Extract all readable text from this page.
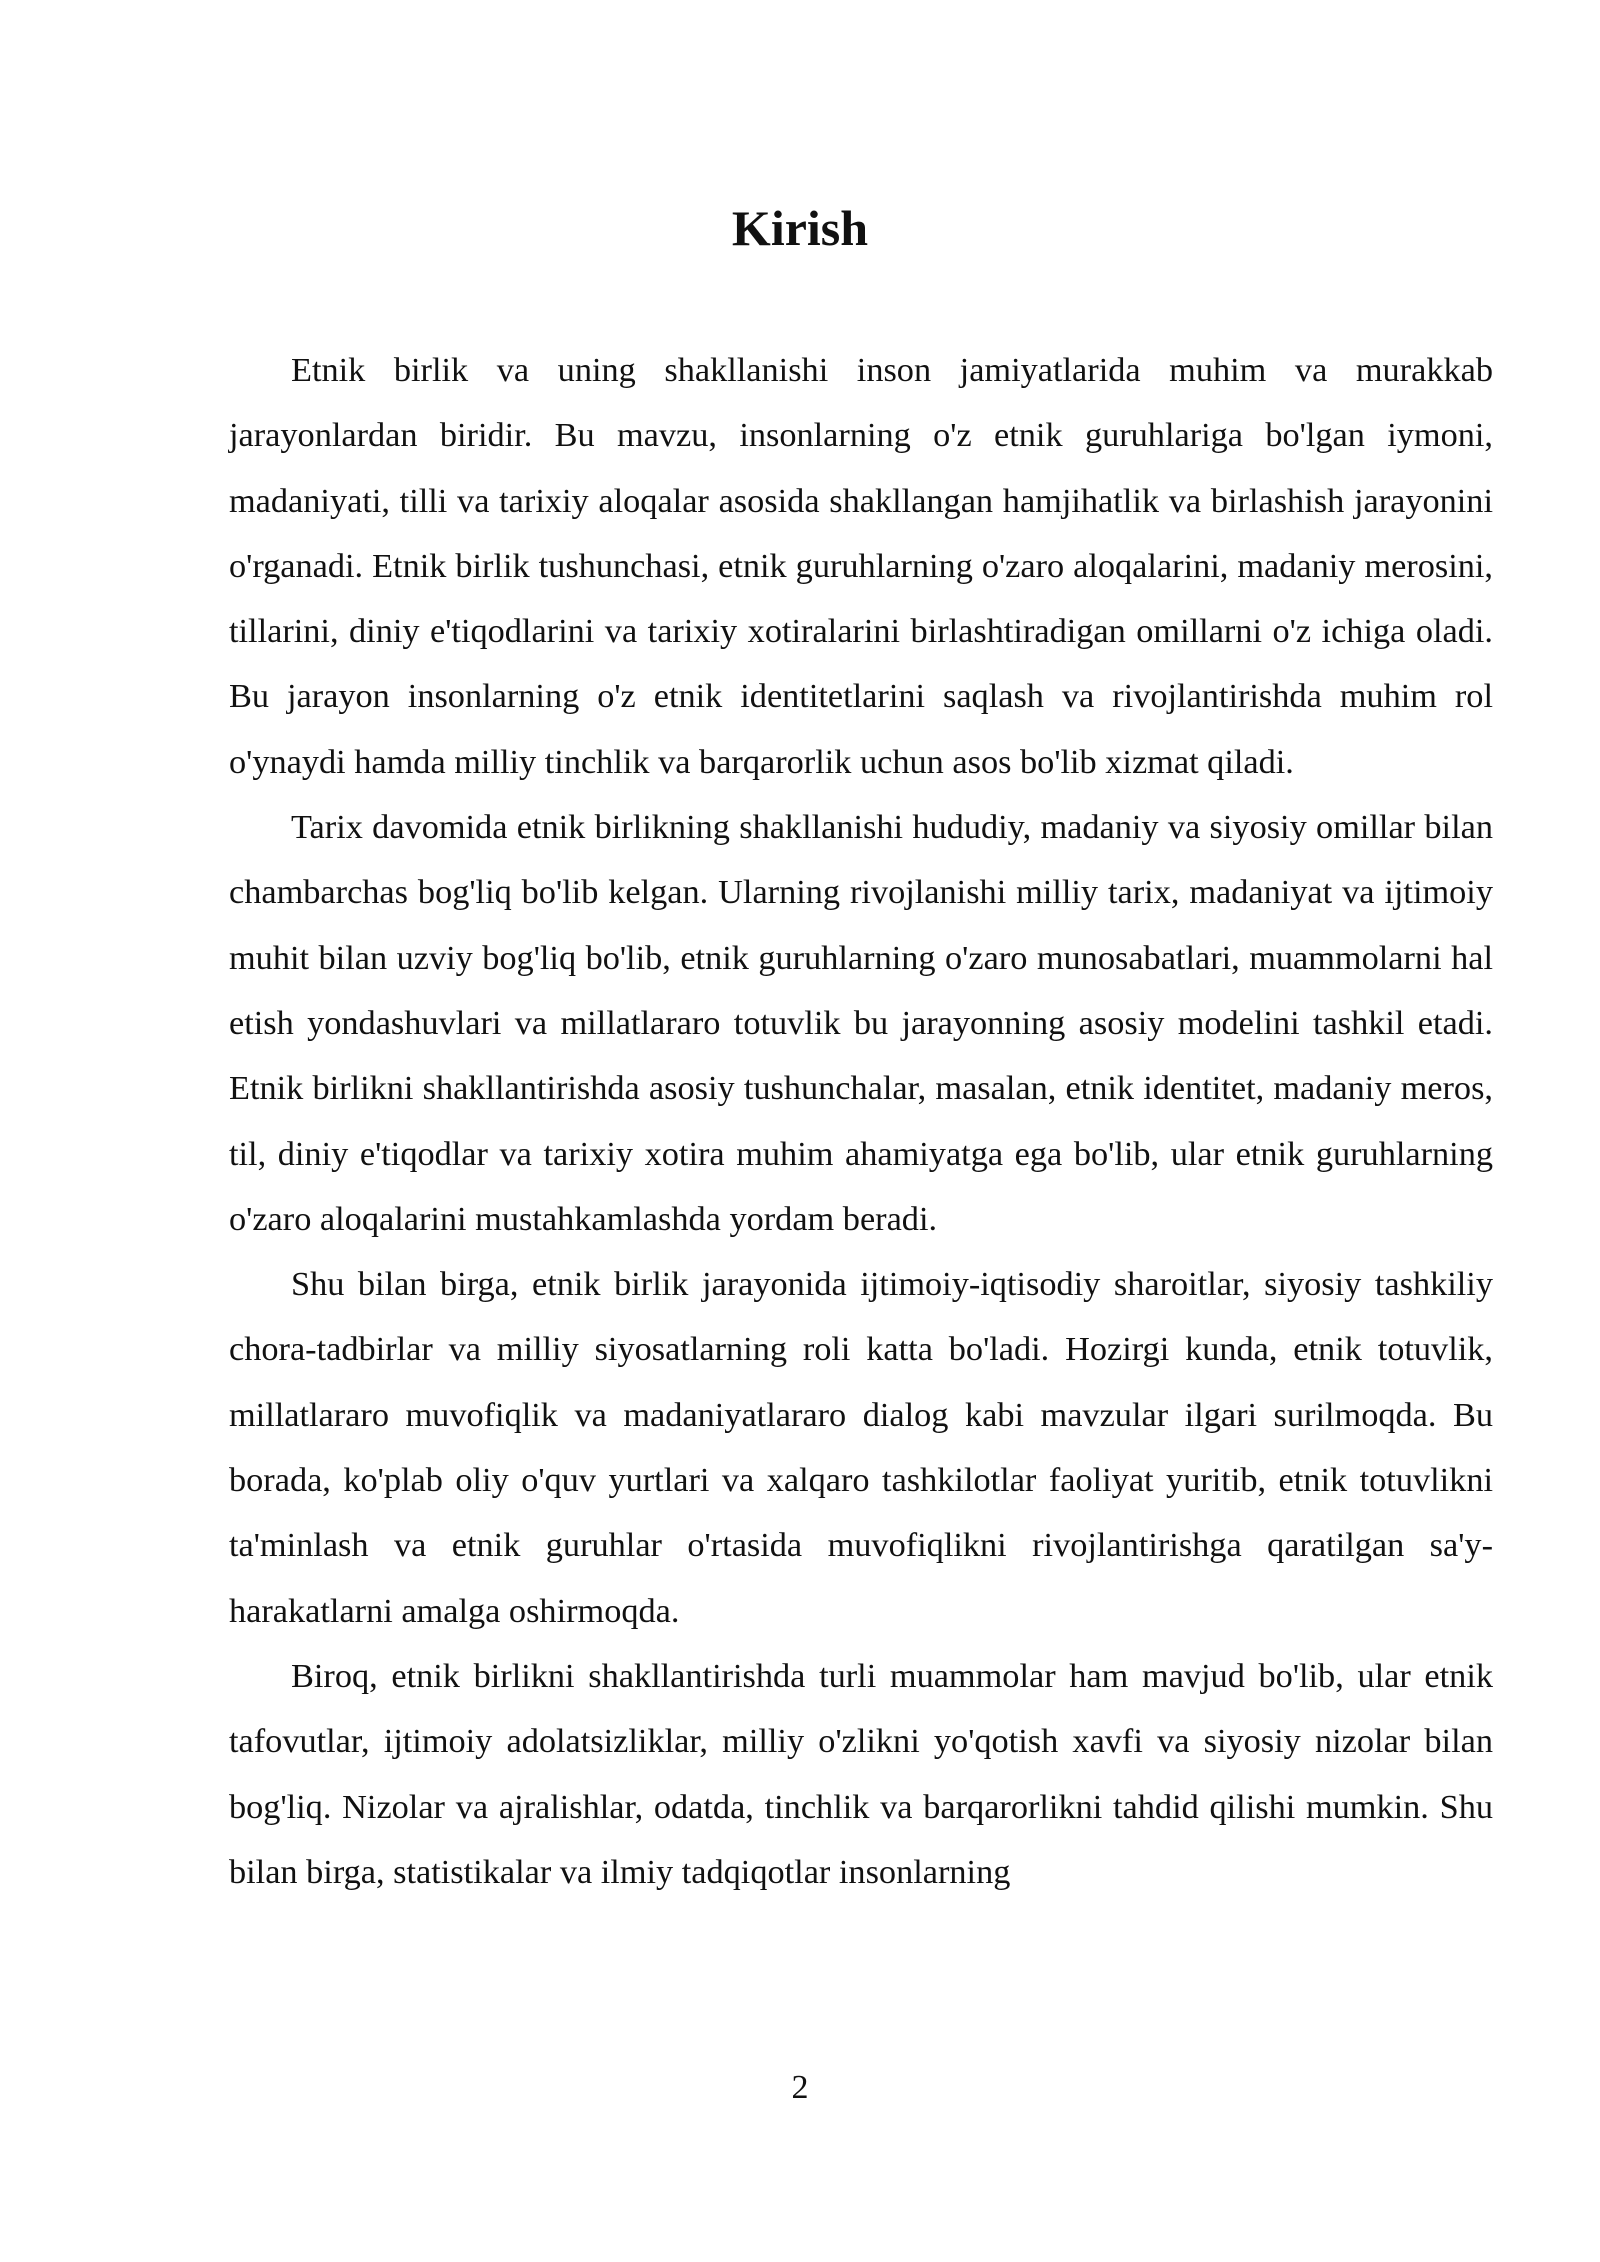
Kirish

Etnik birlik va uning shakllanishi inson jamiyatlarida muhim va murakkab jarayonlardan biridir. Bu mavzu, insonlarning o'z etnik guruhlariga bo'lgan iymoni, madaniyati, tilli va tarixiy aloqalar asosida shakllangan hamjihatlik va birlashish jarayonini o'rganadi. Etnik birlik tushunchasi, etnik guruhlarning o'zaro aloqalarini, madaniy merosini, tillarini, diniy e'tiqodlarini va tarixiy xotiralarini birlashtiradigan omillarni o'z ichiga oladi. Bu jarayon insonlarning o'z etnik identitetlarini saqlash va rivojlantirishda muhim rol o'ynaydi hamda milliy tinchlik va barqarorlik uchun asos bo'lib xizmat qiladi.

Tarix davomida etnik birlikning shakllanishi hududiy, madaniy va siyosiy omillar bilan chambarchas bog'liq bo'lib kelgan. Ularning rivojlanishi milliy tarix, madaniyat va ijtimoiy muhit bilan uzviy bog'liq bo'lib, etnik guruhlarning o'zaro munosabatlari, muammolarni hal etish yondashuvlari va millatlararo totuvlik bu jarayonning asosiy modelini tashkil etadi. Etnik birlikni shakllantirishda asosiy tushunchalar, masalan, etnik identitet, madaniy meros, til, diniy e'tiqodlar va tarixiy xotira muhim ahamiyatga ega bo'lib, ular etnik guruhlarning o'zaro aloqalarini mustahkamlashda yordam beradi.

Shu bilan birga, etnik birlik jarayonida ijtimoiy-iqtisodiy sharoitlar, siyosiy tashkiliy chora-tadbirlar va milliy siyosatlarning roli katta bo'ladi. Hozirgi kunda, etnik totuvlik, millatlararo muvofiqlik va madaniyatlararo dialog kabi mavzular ilgari surilmoqda. Bu borada, ko'plab oliy o'quv yurtlari va xalqaro tashkilotlar faoliyat yuritib, etnik totuvlikni ta'minlash va etnik guruhlar o'rtasida muvofiqlikni rivojlantirishga qaratilgan sa'y-harakatlarni amalga oshirmoqda.

Biroq, etnik birlikni shakllantirishda turli muammolar ham mavjud bo'lib, ular etnik tafovutlar, ijtimoiy adolatsizliklar, milliy o'zlikni yo'qotish xavfi va siyosiy nizolar bilan bog'liq. Nizolar va ajralishlar, odatda, tinchlik va barqarorlikni tahdid qilishi mumkin. Shu bilan birga, statistikalar va ilmiy tadqiqotlar insonlarning

2
